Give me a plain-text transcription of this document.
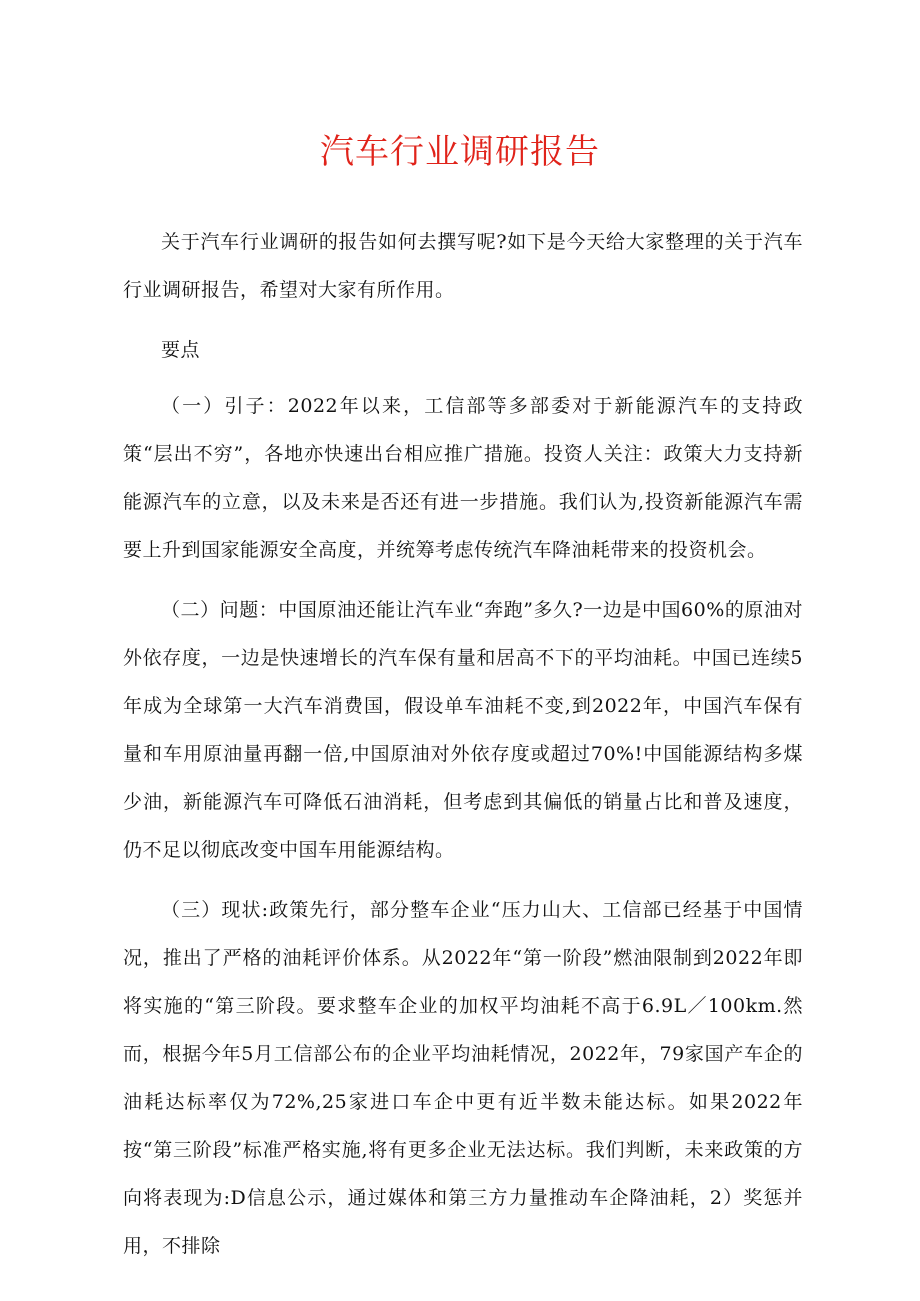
汽车行业调研报告

关于汽车行业调研的报告如何去撰写呢?如下是今天给大家整理的关于汽车行业调研报告，希望对大家有所作用。

要点

（一）引子：2022年以来，工信部等多部委对于新能源汽车的支持政策“层出不穷”，各地亦快速出台相应推广措施。投资人关注：政策大力支持新能源汽车的立意，以及未来是否还有进一步措施。我们认为,投资新能源汽车需要上升到国家能源安全高度，并统筹考虑传统汽车降油耗带来的投资机会。

（二）问题：中国原油还能让汽车业“奔跑”多久?一边是中国60%的原油对外依存度，一边是快速增长的汽车保有量和居高不下的平均油耗。中国已连续5年成为全球第一大汽车消费国，假设单车油耗不变,到2022年，中国汽车保有量和车用原油量再翻一倍,中国原油对外依存度或超过70%!中国能源结构多煤少油，新能源汽车可降低石油消耗，但考虑到其偏低的销量占比和普及速度，仍不足以彻底改变中国车用能源结构。

（三）现状:政策先行，部分整车企业“压力山大、工信部已经基于中国情况，推出了严格的油耗评价体系。从2022年“第一阶段”燃油限制到2022年即将实施的“第三阶段。要求整车企业的加权平均油耗不高于6.9L／100km.然而，根据今年5月工信部公布的企业平均油耗情况，2022年，79家国产车企的油耗达标率仅为72%,25家进口车企中更有近半数未能达标。如果2022年按“第三阶段”标准严格实施,将有更多企业无法达标。我们判断，未来政策的方向将表现为:D信息公示，通过媒体和第三方力量推动车企降油耗，2）奖惩并用，不排除
